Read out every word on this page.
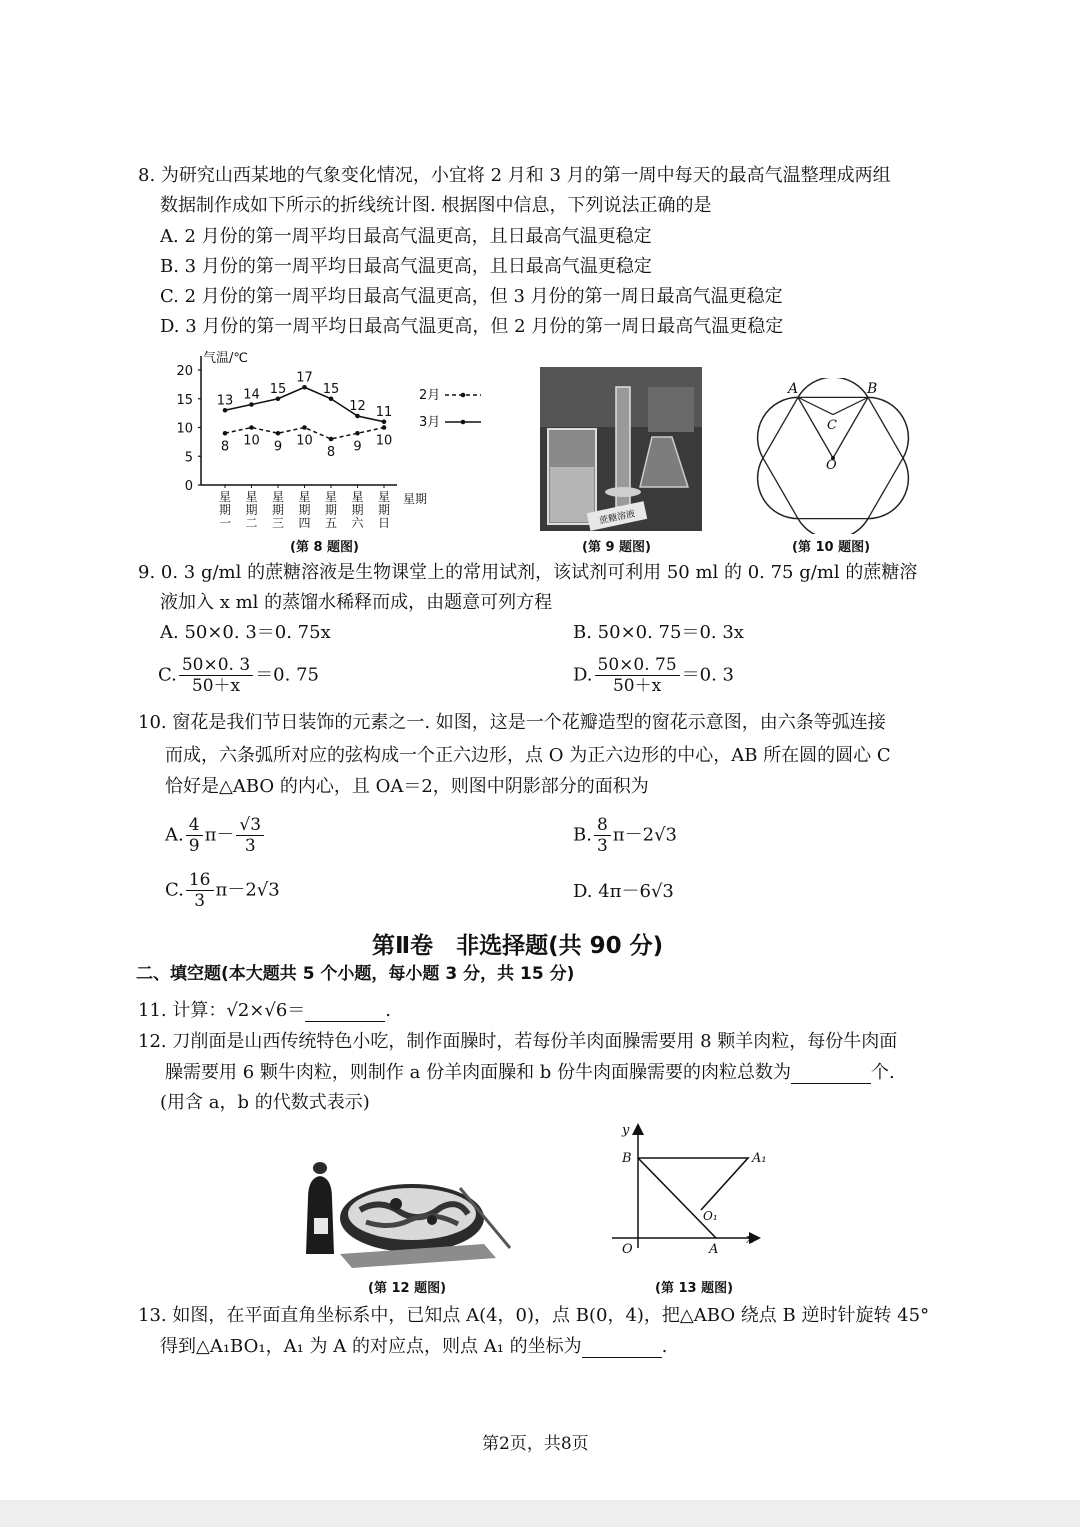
8. 为研究山西某地的气象变化情况，小宜将 2 月和 3 月的第一周中每天的最高气温整理成两组
数据制作成如下所示的折线统计图. 根据图中信息，下列说法正确的是
A. 2 月份的第一周平均日最高气温更高，且日最高气温更稳定
B. 3 月份的第一周平均日最高气温更高，且日最高气温更稳定
C. 2 月份的第一周平均日最高气温更高，但 3 月份的第一周日最高气温更稳定
D. 3 月份的第一周平均日最高气温更高，但 2 月份的第一周日最高气温更稳定
气温/℃
星期
0
5
10
15
20
星
期
一
星
期
二
星
期
三
星
期
四
星
期
五
星
期
六
星
期
日
13 14 15
17
15
12 11
8 10 9 10
8 9 10
2月
3月
(第 8 题图)
蔗糖溶液
(第 9 题图)
A	B
C
O
(第 10 题图)
9. 0. 3 g/ml 的蔗糖溶液是生物课堂上的常用试剂，该试剂可利用 50 ml 的 0. 75 g/ml 的蔗糖溶
液加入 x ml 的蒸馏水稀释而成，由题意可列方程
A. 50×0. 3＝0. 75x	B. 50×0. 75＝0. 3x
C. $\frac{50\times 0. 3}{50+x} =0$. 75	D. $\frac{50\times 0. 75}{50+x} =0$. 3
10. 窗花是我们节日装饰的元素之一. 如图，这是一个花瓣造型的窗花示意图，由六条等弧连接
而成，六条弧所对应的弦构成一个正六边形，点 O 为正六边形的中心，AB 所在圆的圆心 C
恰好是△ABO 的内心，且 OA＝2，则图中阴影部分的面积为
A. $\frac{4}{9} \pi- \frac{√3}{3}$	B. $\frac{8}{3} \pi-2√3$
C. $\frac{16}{3} \pi-2√3$	D. 4π－6√3
第Ⅱ卷　非选择题(共 90 分)
二、填空题(本大题共 5 个小题，每小题 3 分，共 15 分)
11. 计算：√2×√6＝	.
12. 刀削面是山西传统特色小吃，制作面臊时，若每份羊肉面臊需要用 8 颗羊肉粒，每份牛肉面
臊需要用 6 颗牛肉粒，则制作 a 份羊肉面臊和 b 份牛肉面臊需要的肉粒总数为	个.
(用含 a，b 的代数式表示)
(第 12 题图)
y
x
O	A
B	A₁
O₁
(第 13 题图)
13. 如图，在平面直角坐标系中，已知点 A(4，0)，点 B(0，4)，把△ABO 绕点 B 逆时针旋转 45°
得到△A₁BO₁，A₁ 为 A 的对应点，则点 A₁ 的坐标为	.
第2页，共8页
